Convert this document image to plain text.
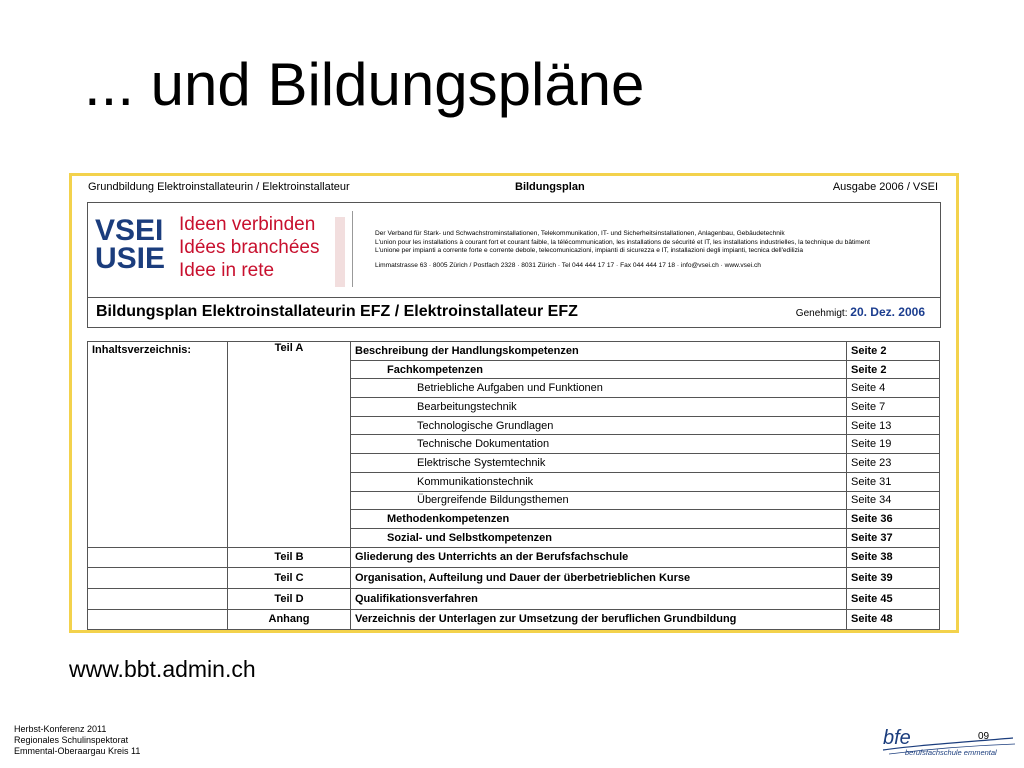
... und Bildungspläne
Grundbildung Elektroinstallateurin / Elektroinstallateur	Bildungsplan	Ausgabe 2006 / VSEI
VSEI
USIE
Ideen verbinden
Idées branchées
Idee in rete
Der Verband für Stark- und Schwachstrominstallationen, Telekommunikation, IT- und Sicherheitsinstallationen, Anlagenbau, Gebäudetechnik
L'union pour les installations à courant fort et courant faible, la télécommunication, les installations de sécurité et IT, les installations industrielles, la technique du bâtiment
L'unione per impianti a corrente forte e corrente debole, telecomunicazioni, impianti di sicurezza e IT, installazioni degli impianti, tecnica dell'edilizia
Limmatstrasse 63 · 8005 Zürich / Postfach 2328 · 8031 Zürich · Tel 044 444 17 17 · Fax 044 444 17 18 · info@vsei.ch · www.vsei.ch
Bildungsplan Elektroinstallateurin EFZ / Elektroinstallateur EFZ	Genehmigt: 20. Dez. 2006
Inhaltsverzeichnis:	Teil A	Beschreibung der Handlungskompetenzen	Seite 2
		Fachkompetenzen	Seite 2
		Betriebliche Aufgaben und Funktionen	Seite 4
		Bearbeitungstechnik	Seite 7
		Technologische Grundlagen	Seite 13
		Technische Dokumentation	Seite 19
		Elektrische Systemtechnik	Seite 23
		Kommunikationstechnik	Seite 31
		Übergreifende Bildungsthemen	Seite 34
		Methodenkompetenzen	Seite 36
		Sozial- und Selbstkompetenzen	Seite 37
	Teil B	Gliederung des Unterrichts an der Berufsfachschule	Seite 38
	Teil C	Organisation, Aufteilung und Dauer der überbetrieblichen Kurse	Seite 39
	Teil D	Qualifikationsverfahren	Seite 45
	Anhang	Verzeichnis der Unterlagen zur Umsetzung der beruflichen Grundbildung	Seite 48
www.bbt.admin.ch
Herbst-Konferenz 2011
Regionales Schulinspektorat
Emmental-Oberaargau Kreis 11
09
bfe
berufsfachschule emmental
